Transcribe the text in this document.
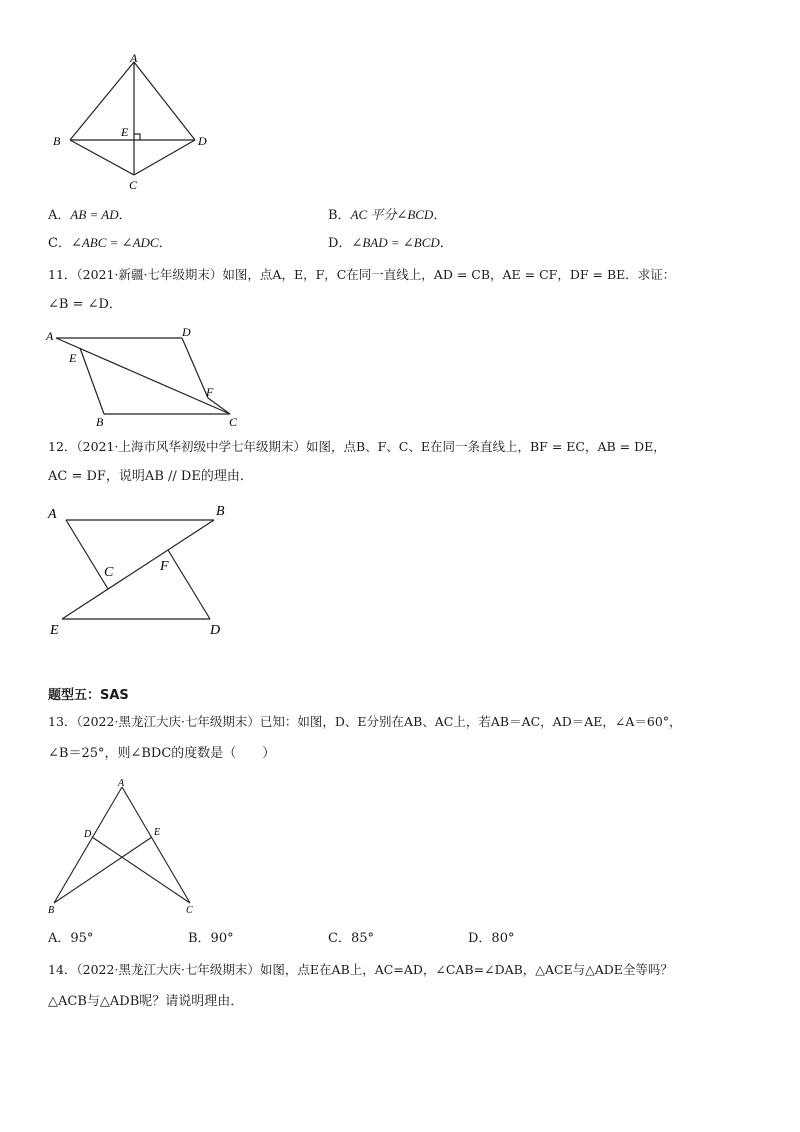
A
B
C
D
E
A．AB = AD．	B．AC 平分∠BCD．
C．∠ABC = ∠ADC．	D．∠BAD = ∠BCD．
11．（2021·新疆·七年级期末）如图，点A，E，F，C在同一直线上，AD = CB，AE = CF，DF = BE．求证：
∠B = ∠D．
A	D
E
F
B	C
12．（2021·上海市风华初级中学七年级期末）如图，点B、F、C、E在同一条直线上，BF = EC，AB = DE，
AC = DF，说明AB // DE的理由．
A	B
C	F
E	D
题型五：SAS
13．（2022·黑龙江大庆·七年级期末）已知：如图，D、E分别在AB、AC上，若AB＝AC，AD＝AE，∠A＝60°，
∠B＝25°，则∠BDC的度数是（　　）
A
D	E
B	C
A．95°	B．90°	C．85°	D．80°
14．（2022·黑龙江大庆·七年级期末）如图，点E在AB上，AC=AD，∠CAB=∠DAB，△ACE与△ADE全等吗？
△ACB与△ADB呢？请说明理由．
